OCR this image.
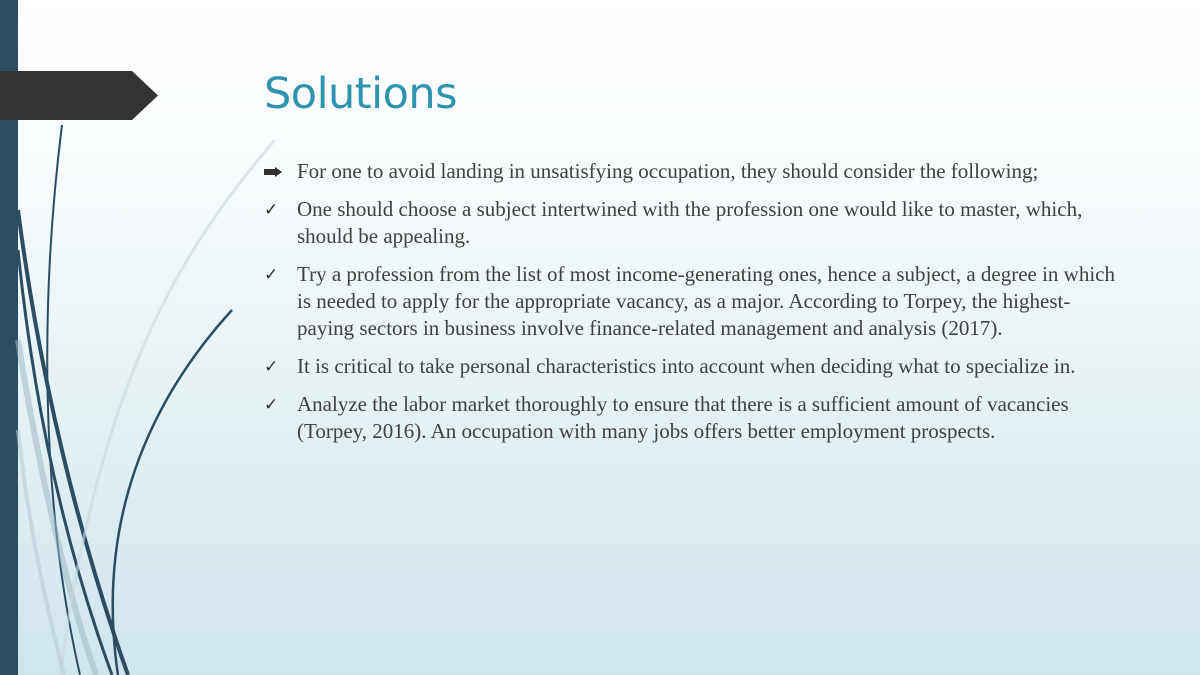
Solutions
For one to avoid landing in unsatisfying occupation, they should consider the following;
✓ One should choose a subject intertwined with the profession one would like to master, which, should be appealing.
✓ Try a profession from the list of most income-generating ones, hence a subject, a degree in which is needed to apply for the appropriate vacancy, as a major. According to Torpey, the highest-paying sectors in business involve finance-related management and analysis (2017).
✓ It is critical to take personal characteristics into account when deciding what to specialize in.
✓ Analyze the labor market thoroughly to ensure that there is a sufficient amount of vacancies (Torpey, 2016). An occupation with many jobs offers better employment prospects.
